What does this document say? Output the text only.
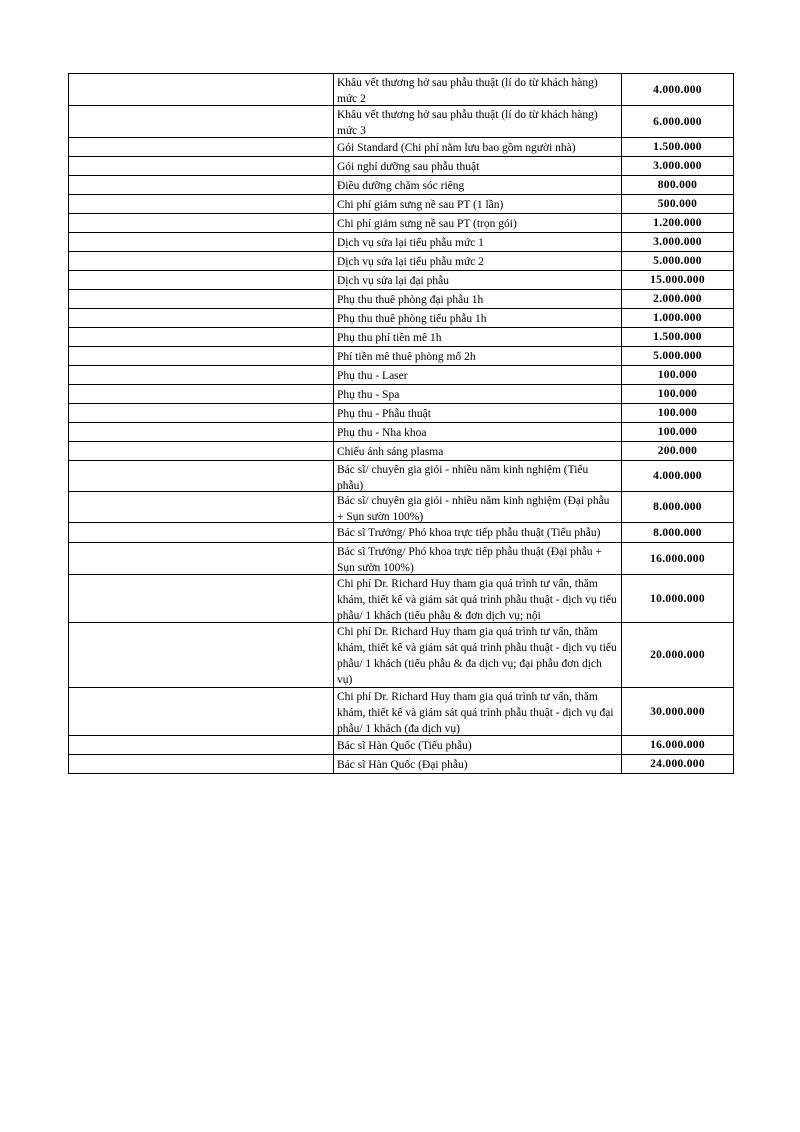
	Khâu vết thương hở sau phẫu thuật (lí do từ khách hàng) mức 2	4.000.000

	Khâu vết thương hở sau phẫu thuật (lí do từ khách hàng) mức 3	6.000.000

	Gói Standard (Chi phí nằm lưu bao gồm người nhà)	1.500.000

	Gói nghỉ dưỡng sau phẫu thuật	3.000.000

	Điều dưỡng chăm sóc riêng	800.000

	Chi phí giảm sưng nề sau PT (1 lần)	500.000

	Chi phí giảm sưng nề sau PT (trọn gói)	1.200.000

	Dịch vụ sửa lại tiểu phẫu mức 1	3.000.000

	Dịch vụ sửa lại tiểu phẫu mức 2	5.000.000

	Dịch vụ sửa lại đại phẫu	15.000.000

	Phụ thu thuê phòng đại phẫu 1h	2.000.000

	Phụ thu thuê phòng tiểu phẫu 1h	1.000.000

	Phụ thu phí tiền mê 1h	1.500.000

	Phí tiền mê thuê phòng mổ 2h	5.000.000

	Phụ thu - Laser	100.000

	Phụ thu - Spa	100.000

	Phụ thu - Phẫu thuật	100.000

	Phụ thu - Nha khoa	100.000

	Chiếu ánh sáng plasma	200.000

	Bác sĩ/ chuyên gia giỏi - nhiều năm kinh nghiệm (Tiểu phẫu)	4.000.000

	Bác sĩ/ chuyên gia giỏi - nhiều năm kinh nghiệm (Đại phẫu + Sụn sườn 100%)	8.000.000

	Bác sĩ Trưởng/ Phó khoa trực tiếp phẫu thuật (Tiểu phẫu)	8.000.000

	Bác sĩ Trưởng/ Phó khoa trực tiếp phẫu thuật (Đại phẫu + Sụn sườn 100%)	16.000.000

	Chi phí Dr. Richard Huy tham gia quá trình tư vấn, thăm khám, thiết kế và giám sát quá trình phẫu thuật - dịch vụ tiểu phẫu/ 1 khách (tiểu phẫu & đơn dịch vụ; nội	10.000.000

	Chi phí Dr. Richard Huy tham gia quá trình tư vấn, thăm khám, thiết kế và giám sát quá trình phẫu thuật - dịch vụ tiểu phẫu/ 1 khách (tiểu phẫu & đa dịch vụ; đại phẫu đơn dịch vụ)	20.000.000

	Chi phí Dr. Richard Huy tham gia quá trình tư vấn, thăm khám, thiết kế và giám sát quá trình phẫu thuật - dịch vụ đại phẫu/ 1 khách (đa dịch vụ)	30.000.000

	Bác sĩ Hàn Quốc (Tiểu phẫu)	16.000.000

	Bác sĩ Hàn Quốc (Đại phẫu)	24.000.000
